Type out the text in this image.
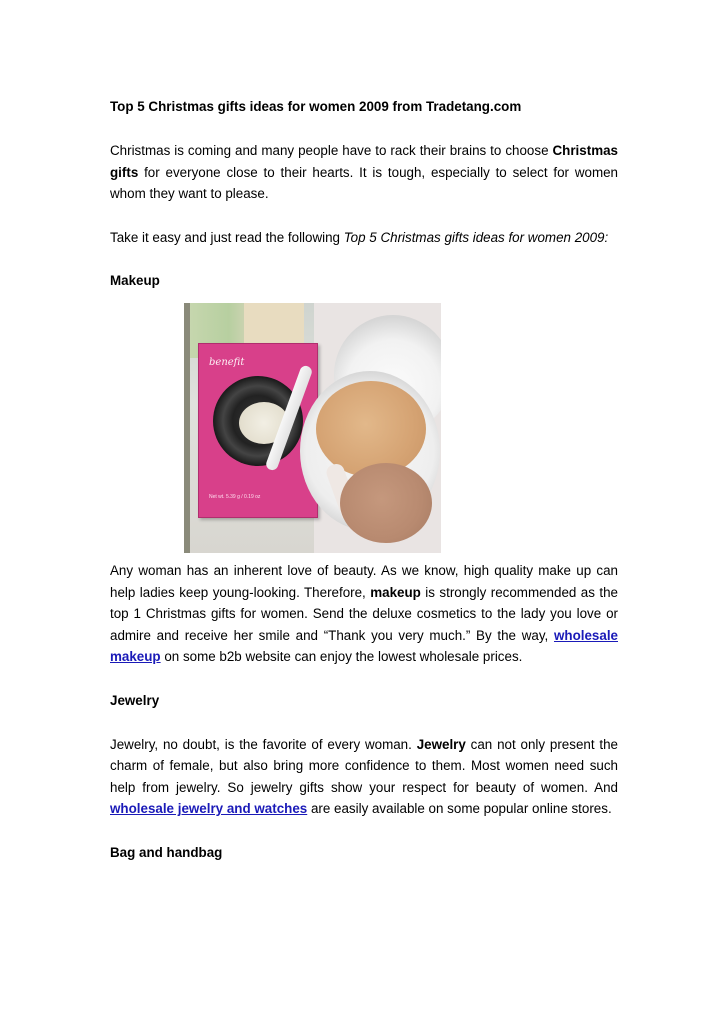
Top 5 Christmas gifts ideas for women 2009 from Tradetang.com

Christmas is coming and many people have to rack their brains to choose Christmas gifts for everyone close to their hearts. It is tough, especially to select for women whom they want to please.

Take it easy and just read the following Top 5 Christmas gifts ideas for women 2009:

Makeup
benefit
Net wt. 5.39 g / 0.19 oz

Any woman has an inherent love of beauty. As we know, high quality make up can help ladies keep young-looking. Therefore, makeup is strongly recommended as the top 1 Christmas gifts for women. Send the deluxe cosmetics to the lady you love or admire and receive her smile and “Thank you very much.” By the way, wholesale makeup on some b2b website can enjoy the lowest wholesale prices.

Jewelry

Jewelry, no doubt, is the favorite of every woman. Jewelry can not only present the charm of female, but also bring more confidence to them. Most women need such help from jewelry. So jewelry gifts show your respect for beauty of women. And wholesale jewelry and watches are easily available on some popular online stores.

Bag and handbag
